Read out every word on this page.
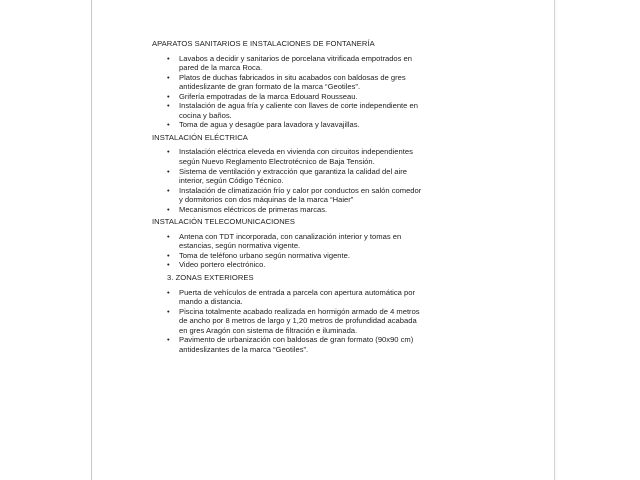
APARATOS SANITARIOS E INSTALACIONES DE FONTANERÍA
• Lavabos a decidir y sanitarios de porcelana vitrificada empotrados en
pared de la marca Roca.
• Platos de duchas fabricados in situ acabados con baldosas de gres
antideslizante de gran formato de la marca “Geotiles”.
• Grifería empotradas de la marca Edouard Rousseau.
• Instalación de agua fría y caliente con llaves de corte independiente en
cocina y baños.
• Toma de agua y desagüe para lavadora y lavavajillas.
INSTALACIÓN ELÉCTRICA
• Instalación eléctrica eleveda en vivienda con circuitos independientes
según Nuevo Reglamento Electrotécnico de Baja Tensión.
• Sistema de ventilación y extracción que garantiza la calidad del aire
interior, según Código Técnico.
• Instalación de climatización frío y calor por conductos en salón comedor
y dormitorios con dos máquinas de la marca “Haier”
• Mecanismos eléctricos de primeras marcas.
INSTALACIÓN TELECOMUNICACIONES
• Antena con TDT incorporada, con canalización interior y tomas en
estancias, según normativa vigente.
• Toma de teléfono urbano según normativa vigente.
• Video portero electrónico.
3. ZONAS EXTERIORES
• Puerta de vehículos de entrada a parcela con apertura automática por
mando a distancia.
• Piscina totalmente acabado realizada en hormigón armado de 4 metros
de ancho por 8 metros de largo y 1,20 metros de profundidad acabada
en gres Aragón con sistema de filtración e iluminada.
• Pavimento de urbanización con baldosas de gran formato (90x90 cm)
antideslizantes de la marca “Geotiles”.
